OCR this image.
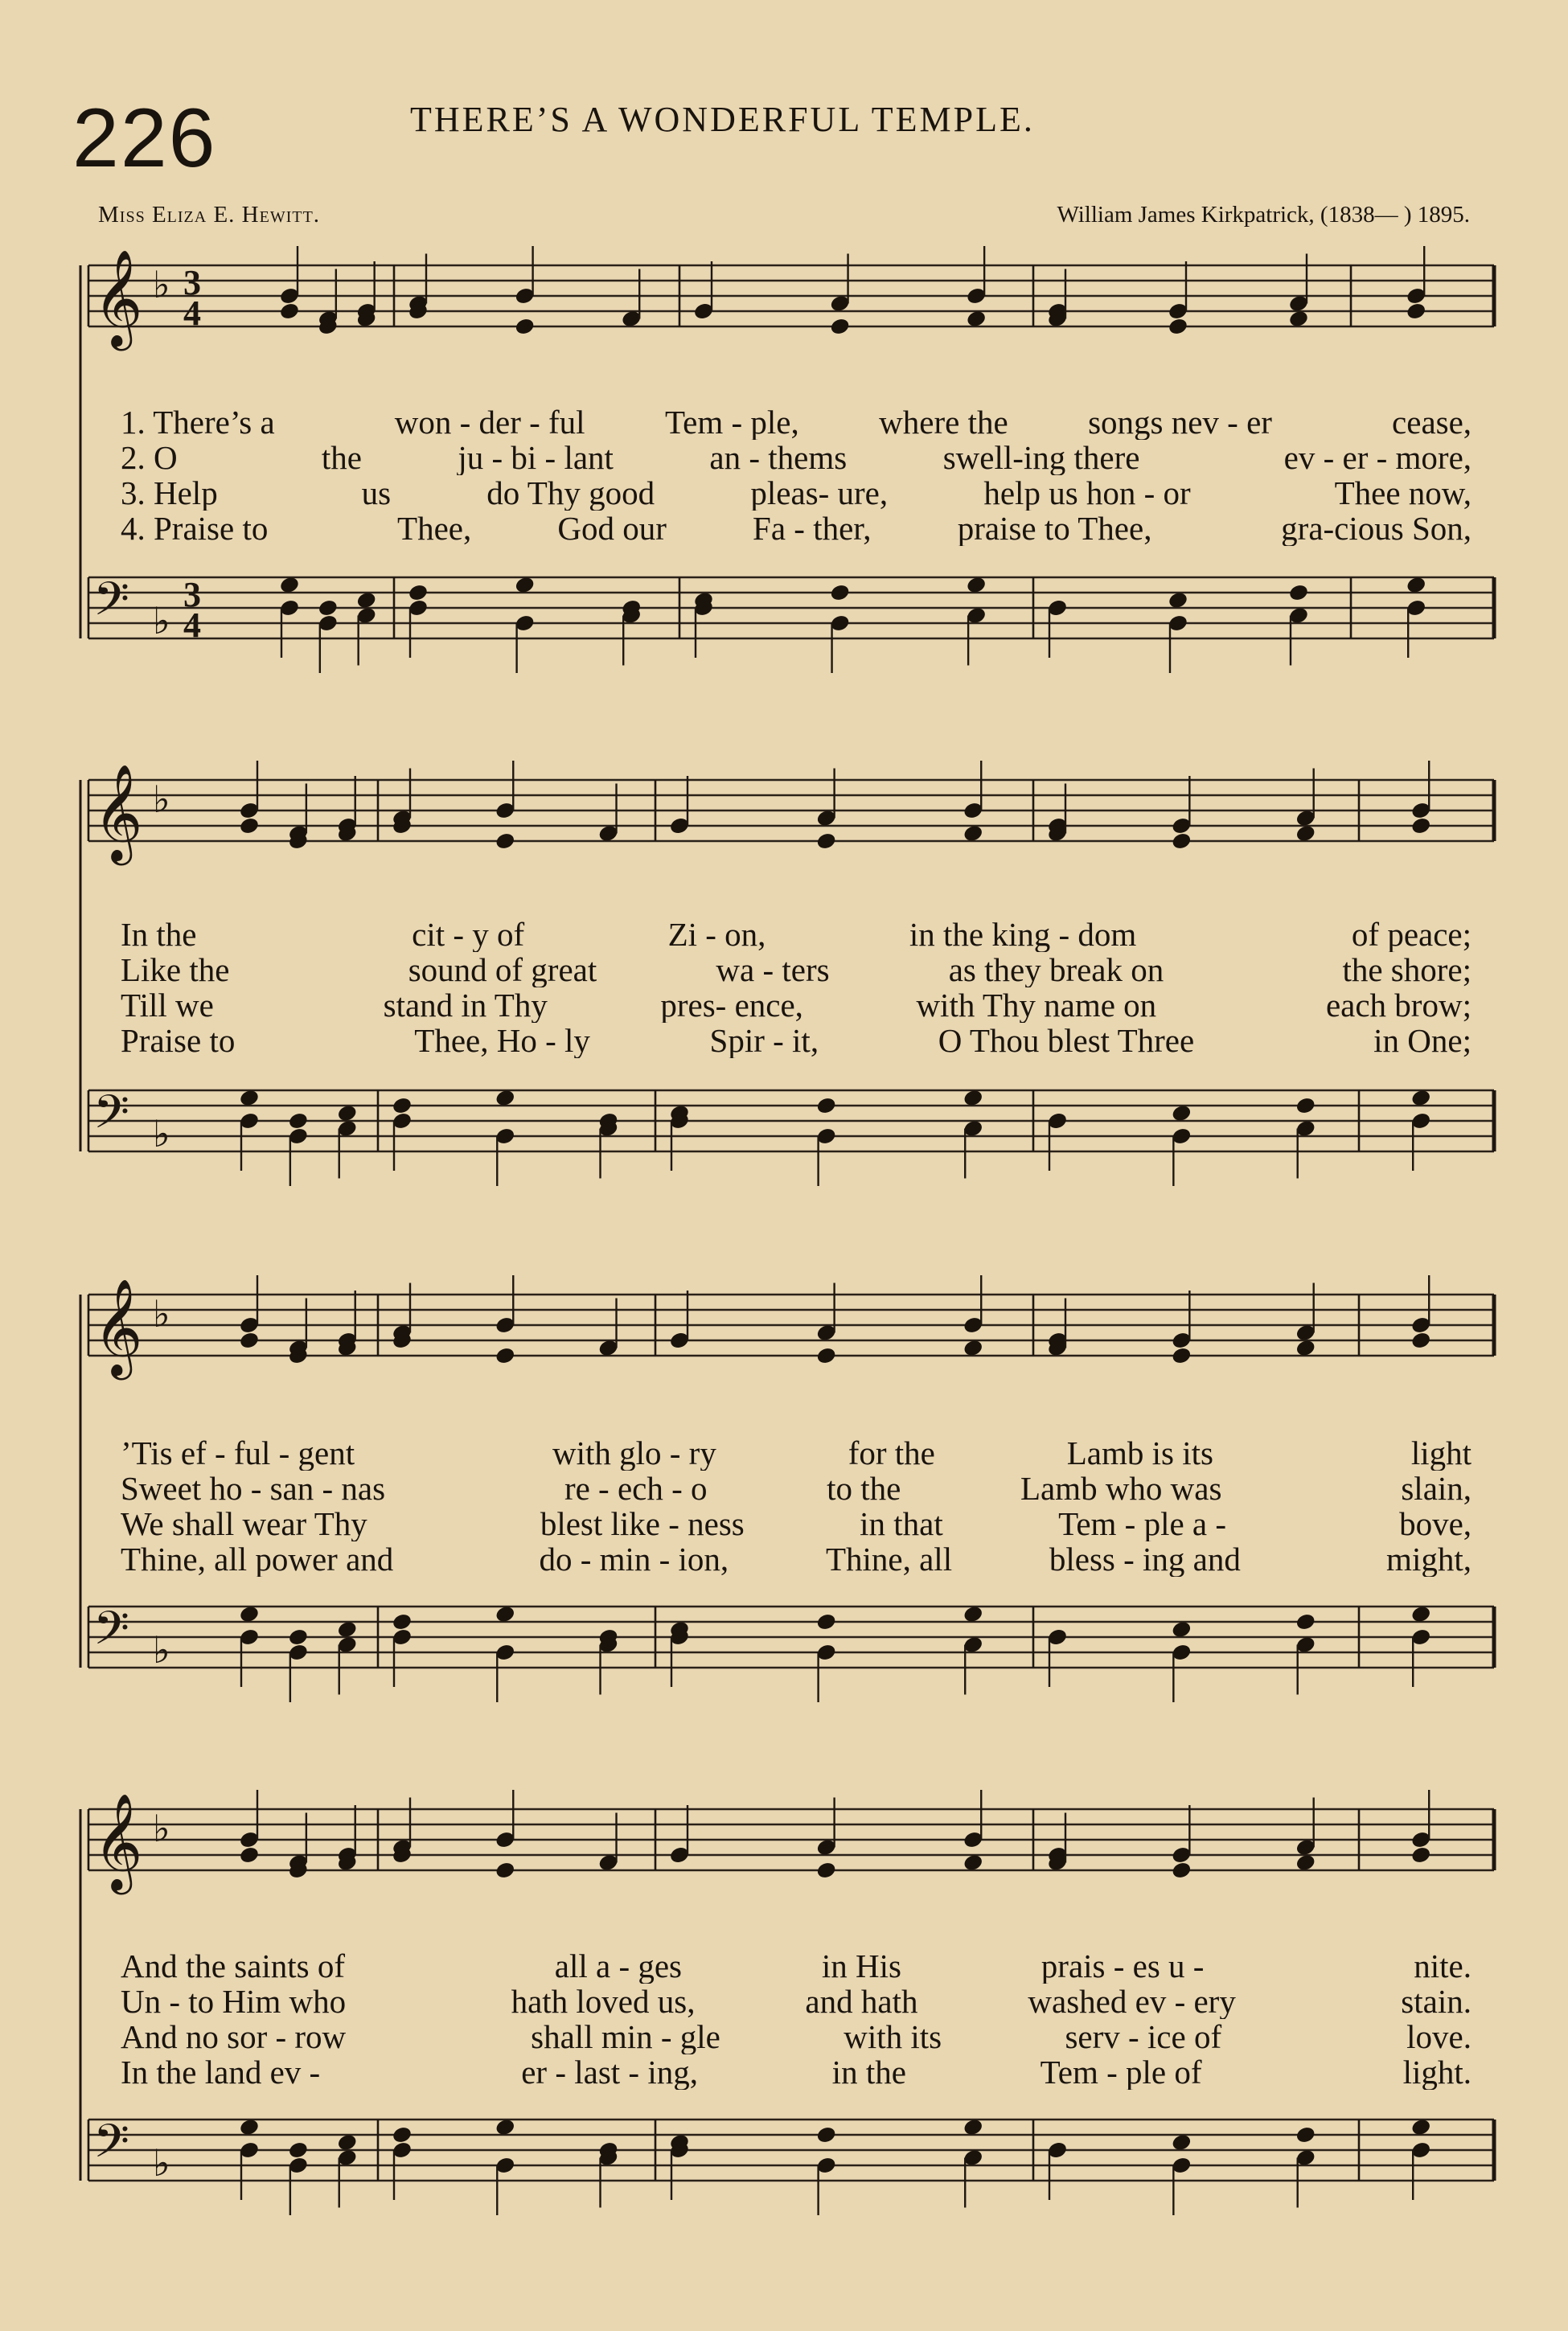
226	THERE’S A WONDERFUL TEMPLE.
Miss Eliza E. Hewitt.	William James Kirkpatrick, (1838— ) 1895.
𝄞 ♭
𝄢 ♭
3
4
3
4
𝄞 ♭
𝄢 ♭
𝄞 ♭
𝄢 ♭
𝄞 ♭
𝄢 ♭
1. There’s a	won - der - ful	Tem - ple,	where the	songs nev - er	cease,
2. O	the	ju - bi - lant	an - thems	swell-ing there	ev - er - more,
3. Help	us	do Thy good	pleas- ure,	help us hon - or	Thee now,
4. Praise to	Thee,	God our	Fa - ther,	praise to Thee,	gra-cious Son,
In the	cit - y of	Zi - on,	in the king - dom	of peace;
Like the	sound of great	wa - ters	as they break on	the shore;
Till we	stand in Thy	pres- ence,	with Thy name on	each brow;
Praise to	Thee, Ho - ly	Spir - it,	O Thou blest Three	in One;
’Tis ef - ful - gent	with glo - ry	for the	Lamb is its	light
Sweet ho - san - nas	re - ech - o	to the	Lamb who was	slain,
We shall wear Thy	blest like - ness	in that	Tem - ple a -	bove,
Thine, all power and	do - min - ion,	Thine, all	bless - ing and	might,
And the saints of	all a - ges	in His	prais - es u -	nite.
Un - to Him who	hath loved us,	and hath	washed ev - ery	stain.
And no sor - row	shall min - gle	with its	serv - ice of	love.
In the land ev -	er - last - ing,	in the	Tem - ple of	light.
